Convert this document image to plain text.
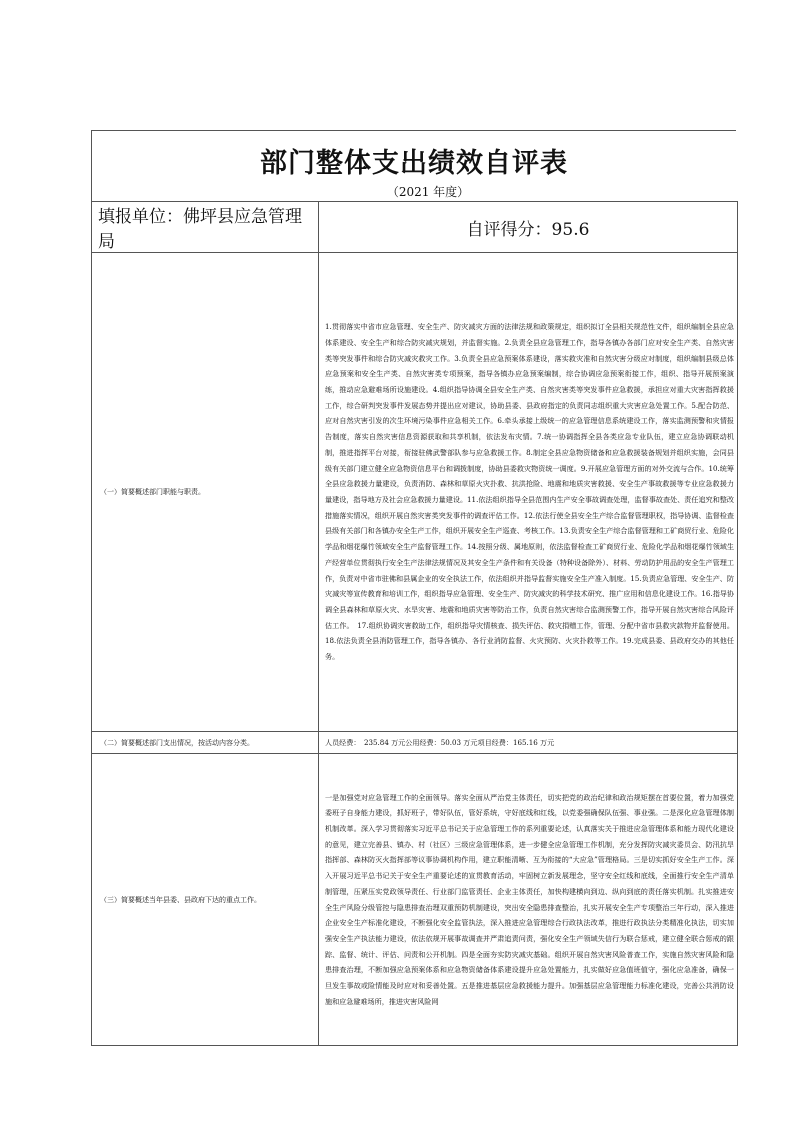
部门整体支出绩效自评表
（2021 年度）
填报单位：佛坪县应急管理局	自评得分：95.6
（一）简要概述部门职能与职责。	1.贯彻落实中省市应急管理、安全生产、防灾减灾方面的法律法规和政策规定，组织拟订全县相关规范性文件，组织编制全县应急体系建设、安全生产和综合防灾减灾规划，并监督实施。2.负责全县应急管理工作，指导各镇办各部门应对安全生产类、自然灾害类等突发事件和综合防灾减灾救灾工作。3.负责全县应急预案体系建设，落实救灾准和自然灾害分级应对制度，组织编制县级总体应急预案和安全生产类、自然灾害类专项预案，指导各镇办应急预案编制，综合协调应急预案衔接工作，组织、指导开展预案演练，推动应急避难场所设施建设。4.组织指导协调全县安全生产类、自然灾害类等突发事件应急救援，承担应对重大灾害指挥救援工作，综合研判突发事件发展态势并提出应对建议，协助县委、县政府指定的负责同志组织重大灾害应急处置工作。5.配合防范、应对自然灾害引发的次生环境污染事件应急相关工作。6.牵头承接上级统一的应急管理信息系统建设工作，落实监测预警和灾情报告制度，落实自然灾害信息资源获取和共享机制，依法发布灾情。7.统一协调指挥全县各类应急专业队伍，建立应急协调联动机制，推进指挥平台对接，衔接驻佛武警部队参与应急救援工作。8.制定全县应急物资储备和应急救援装备规划并组织实施，会同县级有关部门建立健全应急物资信息平台和调拨制度，协助县委救灾物资统一调度。9.开展应急管理方面的对外交流与合作。10.统筹全县应急救援力量建设，负责消防、森林和草原火灾扑救、抗洪抢险、地震和地质灾害救援、安全生产事故救援等专业应急救援力量建设，指导地方及社会应急救援力量建设。11.依法组织指导全县范围内生产安全事故调查处理，监督事故查处、责任追究和整改措施落实情况，组织开展自然灾害类突发事件的调查评估工作。12.依法行使全县安全生产综合监督管理职权，指导协调、监督检查县级有关部门和各镇办安全生产工作，组织开展安全生产巡查、考核工作。13.负责安全生产综合监督管理和工矿商贸行业、危险化学品和烟花爆竹领域安全生产监督管理工作。14.按照分级、属地原则，依法监督检查工矿商贸行业、危险化学品和烟花爆竹领域生产经营单位贯彻执行安全生产法律法规情况及其安全生产条件和有关设备（特种设备除外）、材料、劳动防护用品的安全生产管理工作，负责对中省市驻佛和县属企业的安全执法工作，依法组织并指导监督实施安全生产准入制度。15.负责应急管理、安全生产、防灾减灾等宣传教育和培训工作，组织指导应急管理、安全生产、防灾减灾的科学技术研究、推广应用和信息化建设工作。16.指导协调全县森林和草原火灾、水旱灾害、地震和地质灾害等防治工作，负责自然灾害综合监测预警工作，指导开展自然灾害综合风险评估工作。　17.组织协调灾害救助工作，组织指导灾情核查、损失评估、救灾捐赠工作，管理、分配中省市县救灾款物并监督使用。18.依法负责全县消防管理工作，指导各镇办、各行业消防监督、火灾预防、火灾扑救等工作。19.完成县委、县政府交办的其他任务。
（二）简要概述部门支出情况，按活动内容分类。	人员经费：　235.84 万元公用经费：50.03 万元项目经费：165.16 万元
（三）简要概述当年县委、县政府下达的重点工作。	一是加强党对应急管理工作的全面领导。落实全面从严治党主体责任，切实把党的政治纪律和政治规矩摆在首要位置，着力加强党委班子自身能力建设，抓好班子，带好队伍，管好系统，守好底线和红线，以党委强确保队伍强、事业强。二是深化应急管理体制机制改革。深入学习贯彻落实习近平总书记关于应急管理工作的系列重要论述，认真落实关于推进应急管理体系和能力现代化建设的意见，建立完善县、镇办、村（社区）三级应急管理体系，进一步健全应急管理工作机制，充分发挥防灾减灾委员会、防汛抗旱指挥部、森林防灭火指挥部等议事协调机构作用，建立职能清晰、互为衔接的“大应急”管理格局。三是切实抓好安全生产工作。深入开展习近平总书记关于安全生产重要论述的宣贯教育活动，牢固树立新发展理念，坚守安全红线和底线，全面推行安全生产清单制管理，压紧压实党政领导责任、行业部门监管责任、企业主体责任，加快构建横向到边、纵向到底的责任落实机制。扎实推进安全生产风险分级管控与隐患排查治理双重预防机制建设，突出安全隐患排查整治，扎实开展安全生产专项整治三年行动，深入推进企业安全生产标准化建设，不断强化安全监管执法，深入推进应急管理综合行政执法改革，推进行政执法分类精准化执法，切实加强安全生产执法能力建设，依法依规开展事故调查并严肃追责问责，强化安全生产领域失信行为联合惩戒，建立健全联合惩戒的跟踪、监督、统计、评估、问责和公开机制。四是全面夯实防灾减灾基础。组织开展自然灾害风险普查工作，实施自然灾害风险和隐患排查治理，不断加强应急预案体系和应急物资储备体系建设提升应急处置能力，扎实做好应急值班值守，强化应急准备，确保一旦发生事故或险情能及时应对和妥善处置。五是推进基层应急救援能力提升。加强基层应急管理能力标准化建设，完善公共消防设施和应急避难场所，推进灾害风险网
